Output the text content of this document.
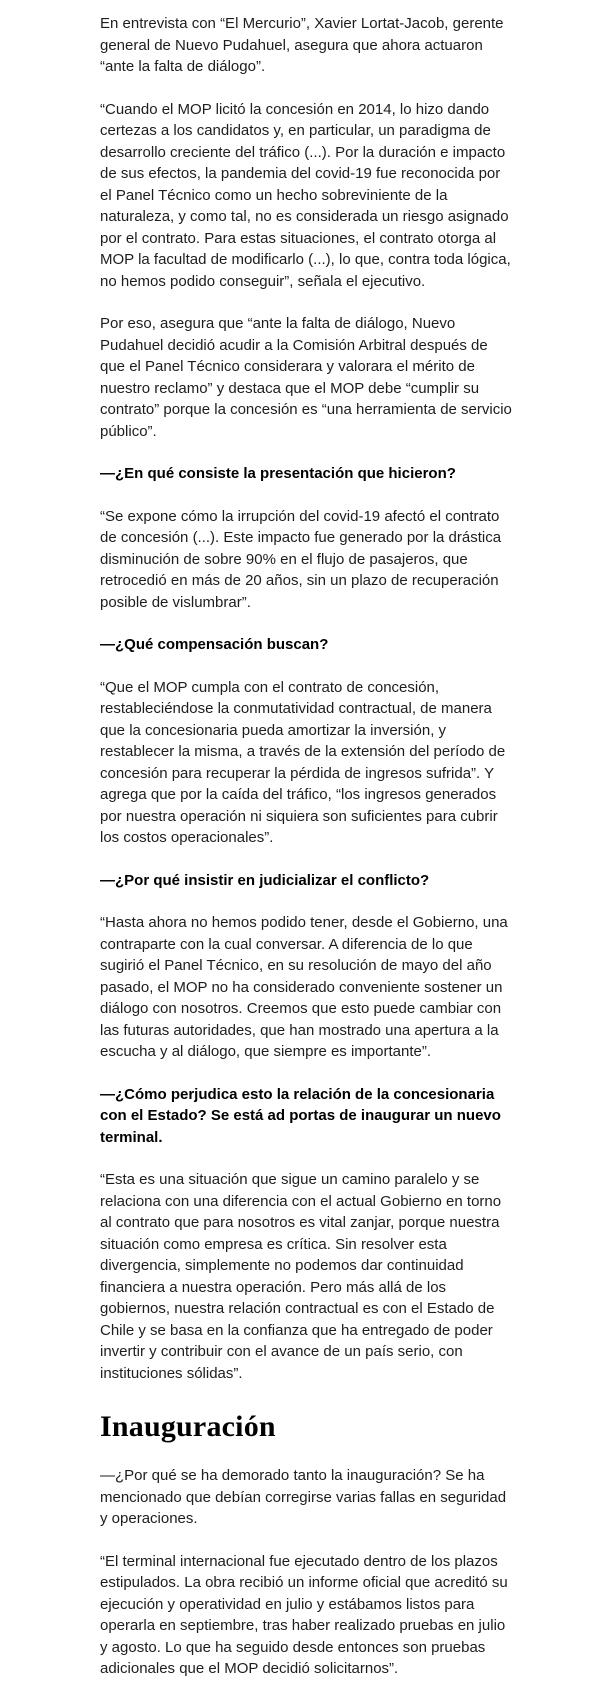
En entrevista con “El Mercurio”, Xavier Lortat-Jacob, gerente general de Nuevo Pudahuel, asegura que ahora actuaron “ante la falta de diálogo”.

“Cuando el MOP licitó la concesión en 2014, lo hizo dando certezas a los candidatos y, en particular, un paradigma de desarrollo creciente del tráfico (...). Por la duración e impacto de sus efectos, la pandemia del covid-19 fue reconocida por el Panel Técnico como un hecho sobreviniente de la naturaleza, y como tal, no es considerada un riesgo asignado por el contrato. Para estas situaciones, el contrato otorga al MOP la facultad de modificarlo (...), lo que, contra toda lógica, no hemos podido conseguir”, señala el ejecutivo.

Por eso, asegura que “ante la falta de diálogo, Nuevo Pudahuel decidió acudir a la Comisión Arbitral después de que el Panel Técnico considerara y valorara el mérito de nuestro reclamo” y destaca que el MOP debe “cumplir su contrato” porque la concesión es “una herramienta de servicio público”.

—¿En qué consiste la presentación que hicieron?

“Se expone cómo la irrupción del covid-19 afectó el contrato de concesión (...). Este impacto fue generado por la drástica disminución de sobre 90% en el flujo de pasajeros, que retrocedió en más de 20 años, sin un plazo de recuperación posible de vislumbrar”.

—¿Qué compensación buscan?

“Que el MOP cumpla con el contrato de concesión, restableciéndose la conmutatividad contractual, de manera que la concesionaria pueda amortizar la inversión, y restablecer la misma, a través de la extensión del período de concesión para recuperar la pérdida de ingresos sufrida”. Y agrega que por la caída del tráfico, “los ingresos generados por nuestra operación ni siquiera son suficientes para cubrir los costos operacionales”.

—¿Por qué insistir en judicializar el conflicto?

“Hasta ahora no hemos podido tener, desde el Gobierno, una contraparte con la cual conversar. A diferencia de lo que sugirió el Panel Técnico, en su resolución de mayo del año pasado, el MOP no ha considerado conveniente sostener un diálogo con nosotros. Creemos que esto puede cambiar con las futuras autoridades, que han mostrado una apertura a la escucha y al diálogo, que siempre es importante”.

—¿Cómo perjudica esto la relación de la concesionaria con el Estado? Se está ad portas de inaugurar un nuevo terminal.

“Esta es una situación que sigue un camino paralelo y se relaciona con una diferencia con el actual Gobierno en torno al contrato que para nosotros es vital zanjar, porque nuestra situación como empresa es crítica. Sin resolver esta divergencia, simplemente no podemos dar continuidad financiera a nuestra operación. Pero más allá de los gobiernos, nuestra relación contractual es con el Estado de Chile y se basa en la confianza que ha entregado de poder invertir y contribuir con el avance de un país serio, con instituciones sólidas”.

Inauguración

—¿Por qué se ha demorado tanto la inauguración? Se ha mencionado que debían corregirse varias fallas en seguridad y operaciones.

“El terminal internacional fue ejecutado dentro de los plazos estipulados. La obra recibió un informe oficial que acreditó su ejecución y operatividad en julio y estábamos listos para operarla en septiembre, tras haber realizado pruebas en julio y agosto. Lo que ha seguido desde entonces son pruebas adicionales que el MOP decidió solicitarnos”.
